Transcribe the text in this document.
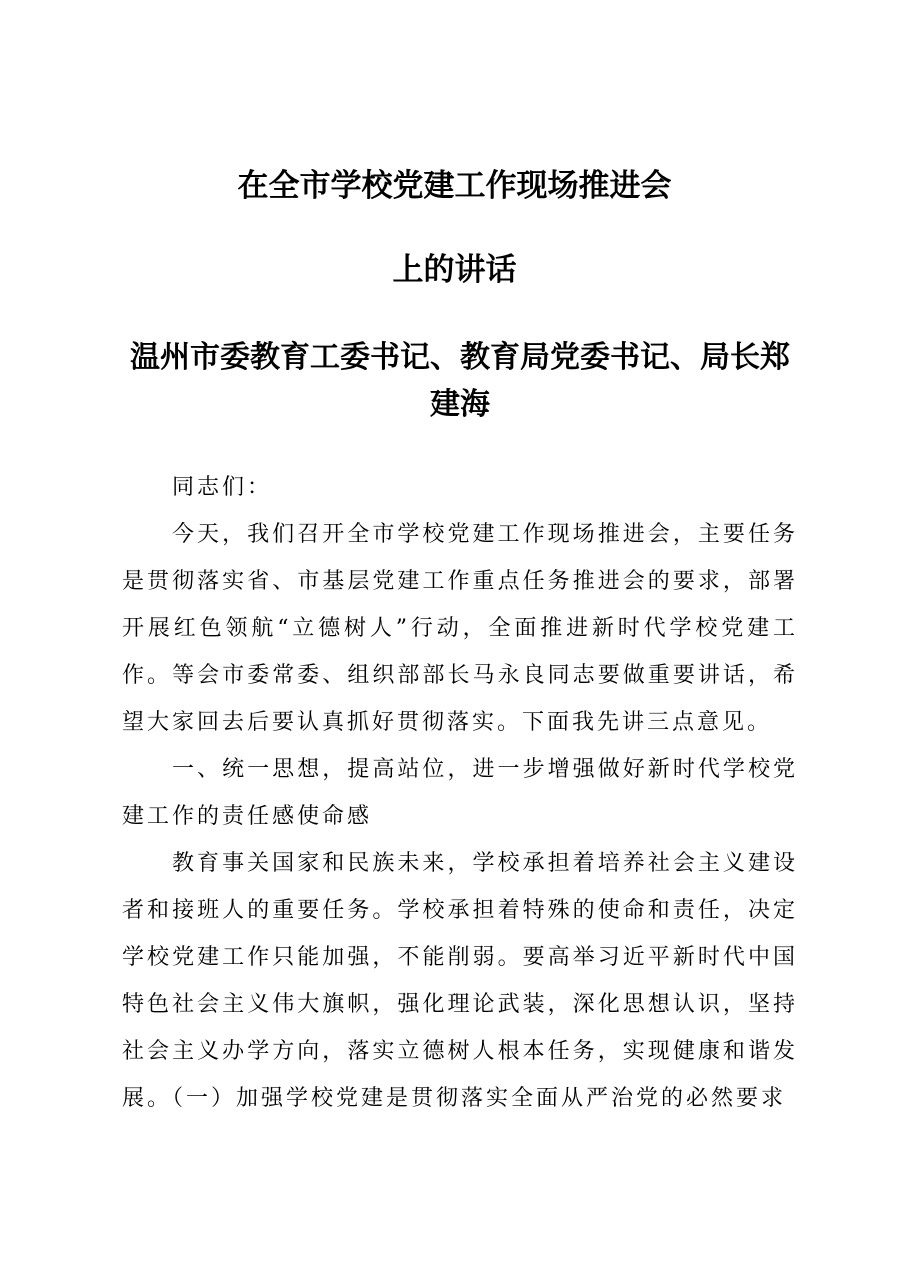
在全市学校党建工作现场推进会
上的讲话
温州市委教育工委书记、教育局党委书记、局长郑建海

同志们：

今天，我们召开全市学校党建工作现场推进会，主要任务是贯彻落实省、市基层党建工作重点任务推进会的要求，部署开展红色领航“立德树人”行动，全面推进新时代学校党建工作。等会市委常委、组织部部长马永良同志要做重要讲话，希望大家回去后要认真抓好贯彻落实。下面我先讲三点意见。

一、统一思想，提高站位，进一步增强做好新时代学校党建工作的责任感使命感

教育事关国家和民族未来，学校承担着培养社会主义建设者和接班人的重要任务。学校承担着特殊的使命和责任，决定学校党建工作只能加强，不能削弱。要高举习近平新时代中国特色社会主义伟大旗帜，强化理论武装，深化思想认识，坚持社会主义办学方向，落实立德树人根本任务，实现健康和谐发展。（一）加强学校党建是贯彻落实全面从严治党的必然要求
